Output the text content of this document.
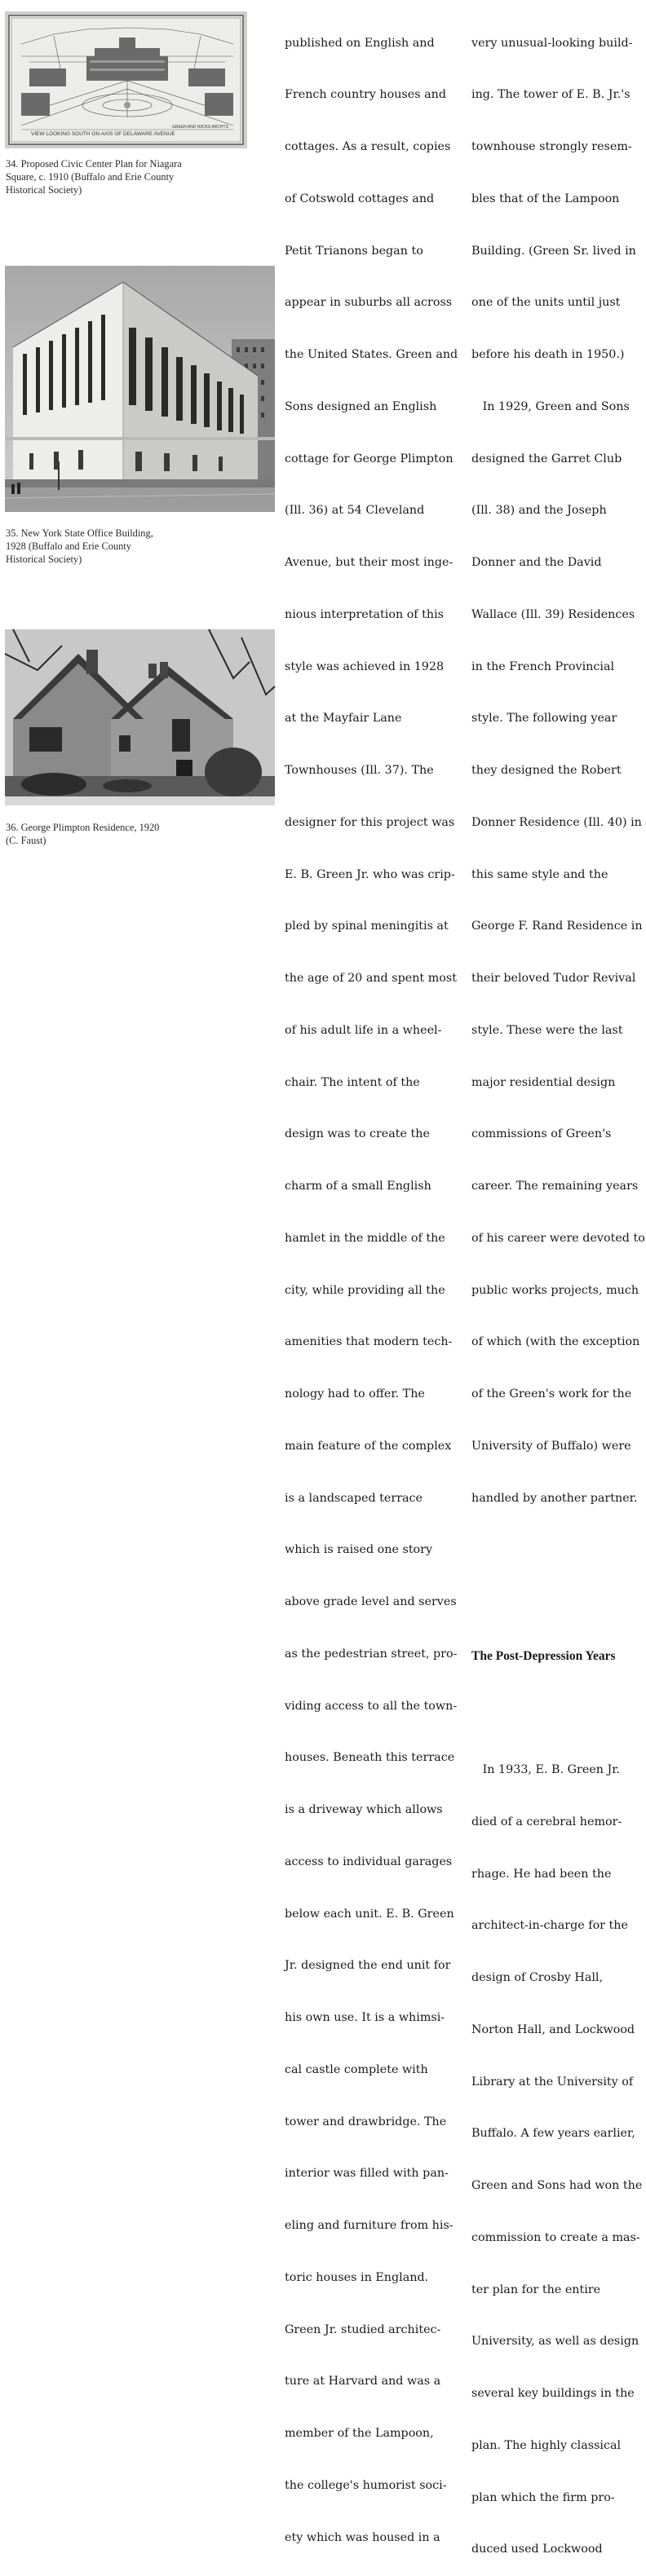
VIEW LOOKING SOUTH ON AXIS OF DELAWARE AVENUE
GREEN AND WICKS ARCHTS
34. Proposed Civic Center Plan for Niagara
Square, c. 1910 (Buffalo and Erie County
Historical Society)
35. New York State Office Building,
1928 (Buffalo and Erie County
Historical Society)
36. George Plimpton Residence, 1920
(C. Faust)

published on English and

French country houses and

cottages. As a result, copies

of Cotswold cottages and

Petit Trianons began to

appear in suburbs all across

the United States. Green and

Sons designed an English

cottage for George Plimpton

(Ill. 36) at 54 Cleveland

Avenue, but their most inge-

nious interpretation of this

style was achieved in 1928

at the Mayfair Lane

Townhouses (Ill. 37). The

designer for this project was

E. B. Green Jr. who was crip-

pled by spinal meningitis at

the age of 20 and spent most

of his adult life in a wheel-

chair. The intent of the

design was to create the

charm of a small English

hamlet in the middle of the

city, while providing all the

amenities that modern tech-

nology had to offer. The

main feature of the complex

is a landscaped terrace

which is raised one story

above grade level and serves

as the pedestrian street, pro-

viding access to all the town-

houses. Beneath this terrace

is a driveway which allows

access to individual garages

below each unit. E. B. Green

Jr. designed the end unit for

his own use. It is a whimsi-

cal castle complete with

tower and drawbridge. The

interior was filled with pan-

eling and furniture from his-

toric houses in England.

Green Jr. studied architec-

ture at Harvard and was a

member of the Lampoon,

the college's humorist soci-

ety which was housed in a

very unusual-looking build-

ing. The tower of E. B. Jr.'s

townhouse strongly resem-

bles that of the Lampoon

Building. (Green Sr. lived in

one of the units until just

before his death in 1950.)

In 1929, Green and Sons

designed the Garret Club

(Ill. 38) and the Joseph

Donner and the David

Wallace (Ill. 39) Residences

in the French Provincial

style. The following year

they designed the Robert

Donner Residence (Ill. 40) in

this same style and the

George F. Rand Residence in

their beloved Tudor Revival

style. These were the last

major residential design

commissions of Green's

career. The remaining years

of his career were devoted to

public works projects, much

of which (with the exception

of the Green's work for the

University of Buffalo) were

handled by another partner.

The Post-Depression Years

In 1933, E. B. Green Jr.

died of a cerebral hemor-

rhage. He had been the

architect-in-charge for the

design of Crosby Hall,

Norton Hall, and Lockwood

Library at the University of

Buffalo. A few years earlier,

Green and Sons had won the

commission to create a mas-

ter plan for the entire

University, as well as design

several key buildings in the

plan. The highly classical

plan which the firm pro-

duced used Lockwood
